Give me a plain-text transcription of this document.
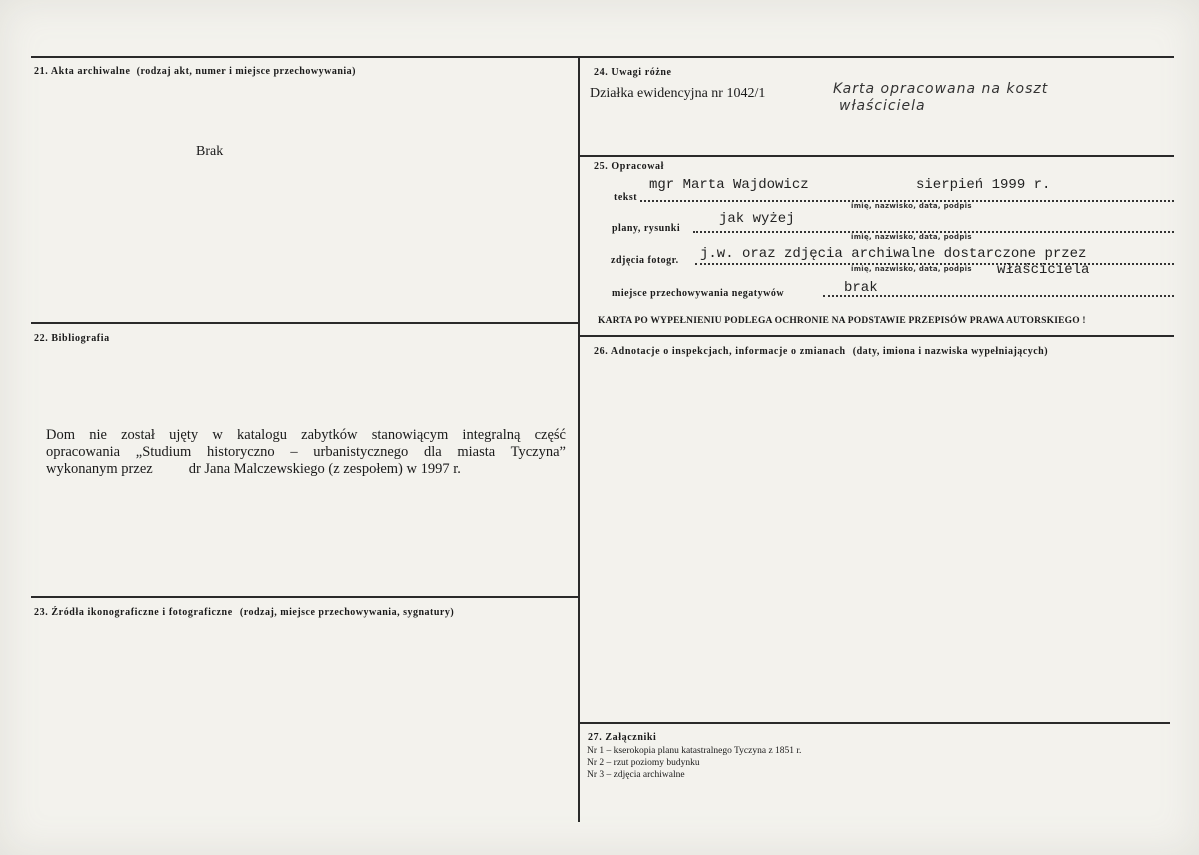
21. Akta archiwalne (rodzaj akt, numer i miejsce przechowywania)
Brak
22. Bibliografia
Dom nie został ujęty w katalogu zabytków stanowiącym integralną część
opracowania „Studium historyczno – urbanistycznego dla miasta Tyczyna”
wykonanym przez dr Jana Malczewskiego (z zespołem) w 1997 r.
23. Źródła ikonograficzne i fotograficzne (rodzaj, miejsce przechowywania, sygnatury)
24. Uwagi różne
Działka ewidencyjna nr 1042/1	Karta opracowana na koszt
właściciela
25. Opracował
tekst
mgr Marta Wajdowicz	sierpień 1999 r.
imię, nazwisko, data, podpis
plany, rysunki
jak wyżej
imię, nazwisko, data, podpis
zdjęcia fotogr. j.w. oraz zdjęcia archiwalne dostarczone przez
imię, nazwisko, data, podpis właściciela
miejsce przechowywania negatywów	brak
KARTA PO WYPEŁNIENIU PODLEGA OCHRONIE NA PODSTAWIE PRZEPISÓW PRAWA AUTORSKIEGO !
26. Adnotacje o inspekcjach, informacje o zmianach (daty, imiona i nazwiska wypełniających)
27. Załączniki
Nr 1 – kserokopia planu katastralnego Tyczyna z 1851 r.
Nr 2 – rzut poziomy budynku
Nr 3 – zdjęcia archiwalne
